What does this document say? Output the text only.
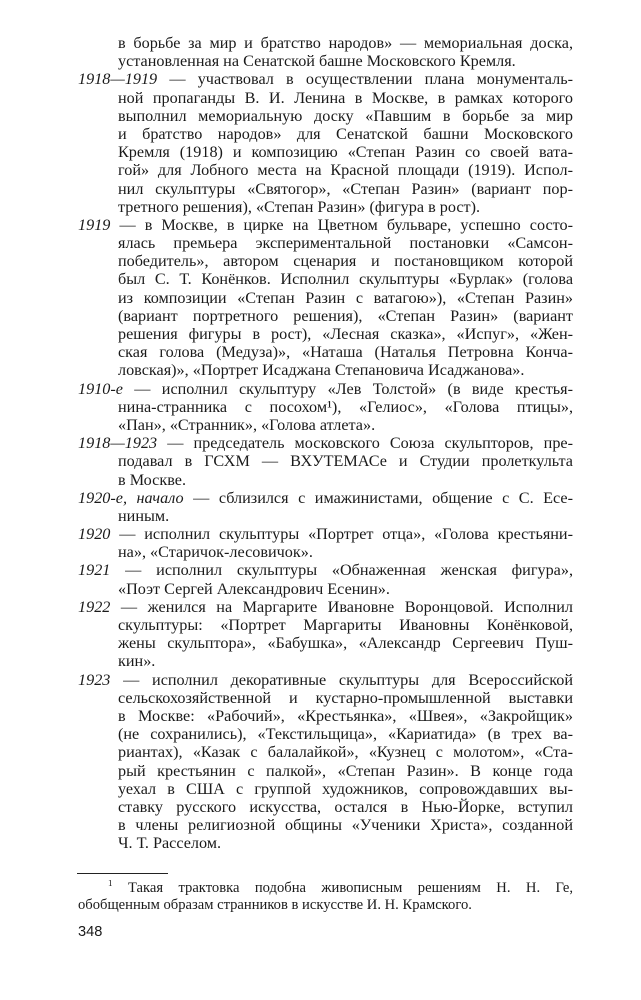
в борьбе за мир и братство народов» — мемориальная доска,
установленная на Сенатской башне Московского Кремля.
1918—1919 — участвовал в осуществлении плана монументаль-
ной пропаганды В. И. Ленина в Москве, в рамках которого
выполнил мемориальную доску «Павшим в борьбе за мир
и братство народов» для Сенатской башни Московского
Кремля (1918) и композицию «Степан Разин со своей вата-
гой» для Лобного места на Красной площади (1919). Испол-
нил скульптуры «Святогор», «Степан Разин» (вариант пор-
третного решения), «Степан Разин» (фигура в рост).
1919 — в Москве, в цирке на Цветном бульваре, успешно состо-
ялась премьера экспериментальной постановки «Самсон-
победитель», автором сценария и постановщиком которой
был С. Т. Конёнков. Исполнил скульптуры «Бурлак» (голова
из композиции «Степан Разин с ватагою»), «Степан Разин»
(вариант портретного решения), «Степан Разин» (вариант
решения фигуры в рост), «Лесная сказка», «Испуг», «Жен-
ская голова (Медуза)», «Наташа (Наталья Петровна Конча-
ловская)», «Портрет Исаджана Степановича Исаджанова».
1910-е — исполнил скульптуру «Лев Толстой» (в виде крестья-
нина-странника с посохом¹), «Гелиос», «Голова птицы»,
«Пан», «Странник», «Голова атлета».
1918—1923 — председатель московского Союза скульпторов, пре-
подавал в ГСХМ — ВХУТЕМАСе и Студии пролеткульта
в Москве.
1920-е, начало — сблизился с имажинистами, общение с С. Есе-
ниным.
1920 — исполнил скульптуры «Портрет отца», «Голова крестьяни-
на», «Старичок-лесовичок».
1921 — исполнил скульптуры «Обнаженная женская фигура»,
«Поэт Сергей Александрович Есенин».
1922 — женился на Маргарите Ивановне Воронцовой. Исполнил
скульптуры: «Портрет Маргариты Ивановны Конёнковой,
жены скульптора», «Бабушка», «Александр Сергеевич Пуш-
кин».
1923 — исполнил декоративные скульптуры для Всероссийской
сельскохозяйственной и кустарно-промышленной выставки
в Москве: «Рабочий», «Крестьянка», «Швея», «Закройщик»
(не сохранились), «Текстильщица», «Кариатида» (в трех ва-
риантах), «Казак с балалайкой», «Кузнец с молотом», «Ста-
рый крестьянин с палкой», «Степан Разин». В конце года
уехал в США с группой художников, сопровождавших вы-
ставку русского искусства, остался в Нью-Йорке, вступил
в члены религиозной общины «Ученики Христа», созданной
Ч. Т. Расселом.
$^1$ Такая трактовка подобна живописным решениям Н. Н. Ге,
обобщенным образам странников в искусстве И. Н. Крамского.
348
